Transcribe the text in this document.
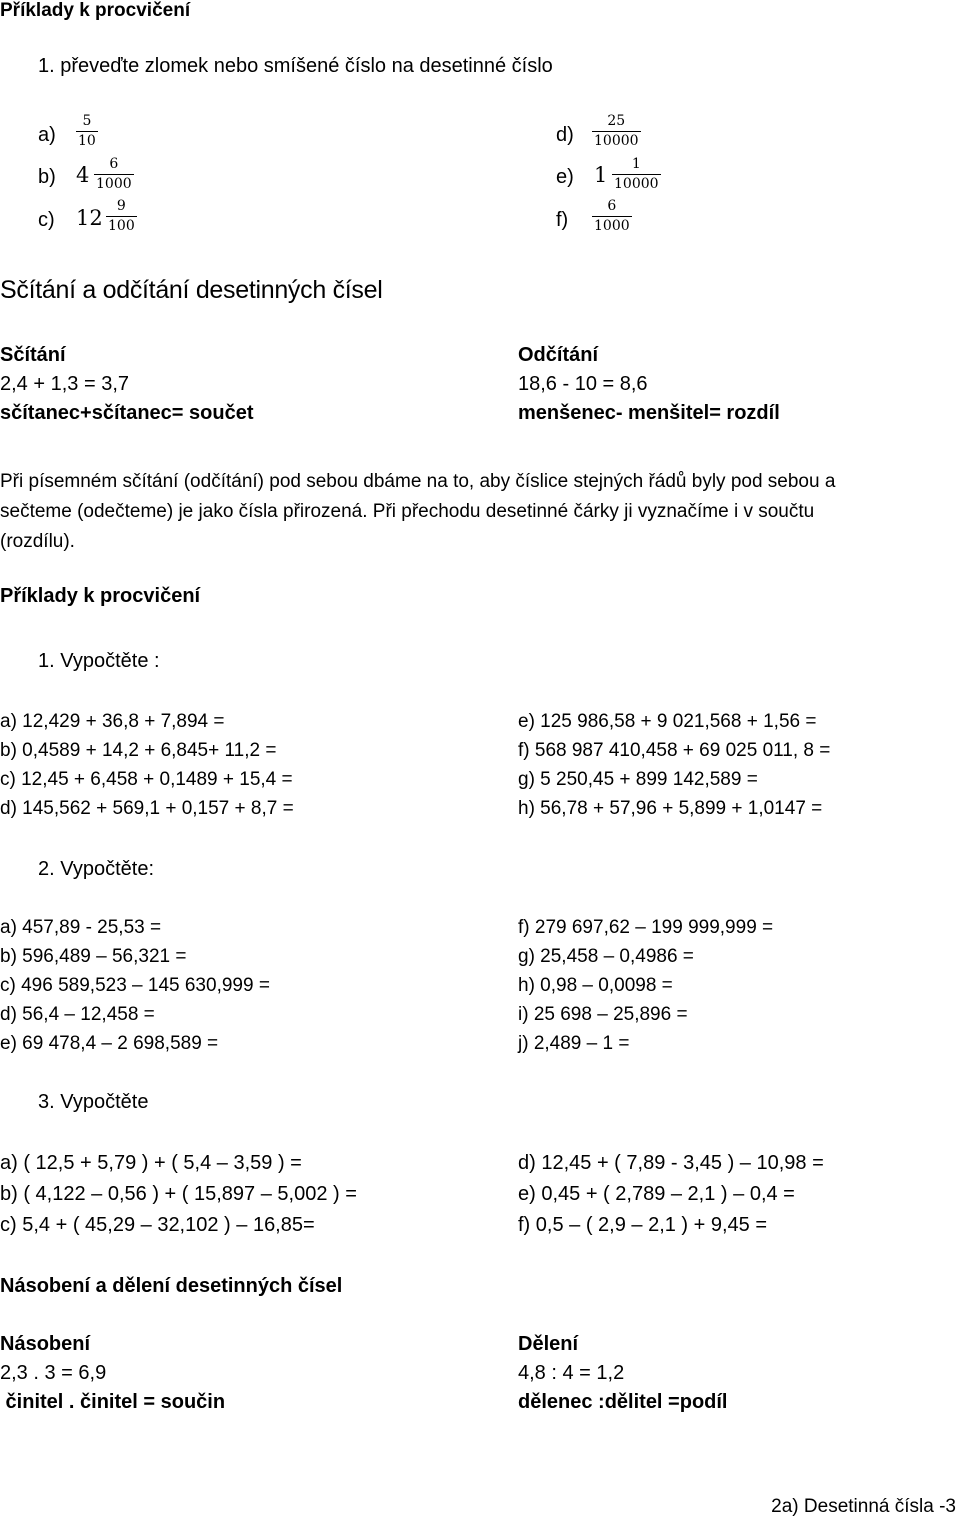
Příklady k procvičení
1. převeďte zlomek nebo smíšené číslo na desetinné číslo
a)
5
10
b) 4 6
1000
c) 12 9
100
d)
25
10000
e) 1 1
10000
f)
6
1000
Sčítání a odčítání desetinných čísel
Sčítání
2,4 + 1,3 = 3,7
sčítanec+sčítanec= součet
Odčítání
18,6 - 10 = 8,6
menšenec- menšitel= rozdíl
Při písemném sčítání (odčítání) pod sebou dbáme na to, aby číslice stejných řádů byly pod sebou a
sečteme (odečteme) je jako čísla přirozená. Při přechodu desetinné čárky ji vyznačíme i v součtu
(rozdílu).
Příklady k procvičení
1. Vypočtěte :
a) 12,429 + 36,8 + 7,894 =
b) 0,4589 + 14,2 + 6,845+ 11,2 =
c) 12,45 + 6,458 + 0,1489 + 15,4 =
d) 145,562 + 569,1 + 0,157 + 8,7 =
e) 125 986,58 + 9 021,568 + 1,56 =
f) 568 987 410,458 + 69 025 011, 8 =
g) 5 250,45 + 899 142,589 =
h) 56,78 + 57,96 + 5,899 + 1,0147 =
2. Vypočtěte:
a) 457,89 - 25,53 =
b) 596,489 – 56,321 =
c) 496 589,523 – 145 630,999 =
d) 56,4 – 12,458 =
e) 69 478,4 – 2 698,589 =
f) 279 697,62 – 199 999,999 =
g) 25,458 – 0,4986 =
h) 0,98 – 0,0098 =
i) 25 698 – 25,896 =
j) 2,489 – 1 =
3. Vypočtěte
a) ( 12,5 + 5,79 ) + ( 5,4 – 3,59 ) =
b) ( 4,122 – 0,56 ) + ( 15,897 – 5,002 ) =
c) 5,4 + ( 45,29 – 32,102 ) – 16,85=
d) 12,45 + ( 7,89 - 3,45 ) – 10,98 =
e) 0,45 + ( 2,789 – 2,1 ) – 0,4 =
f) 0,5 – ( 2,9 – 2,1 ) + 9,45 =
Násobení a dělení desetinných čísel
Násobení
2,3 . 3 = 6,9
činitel . činitel = součin
Dělení
4,8 : 4 = 1,2
dělenec :dělitel =podíl
2a) Desetinná čísla -3
